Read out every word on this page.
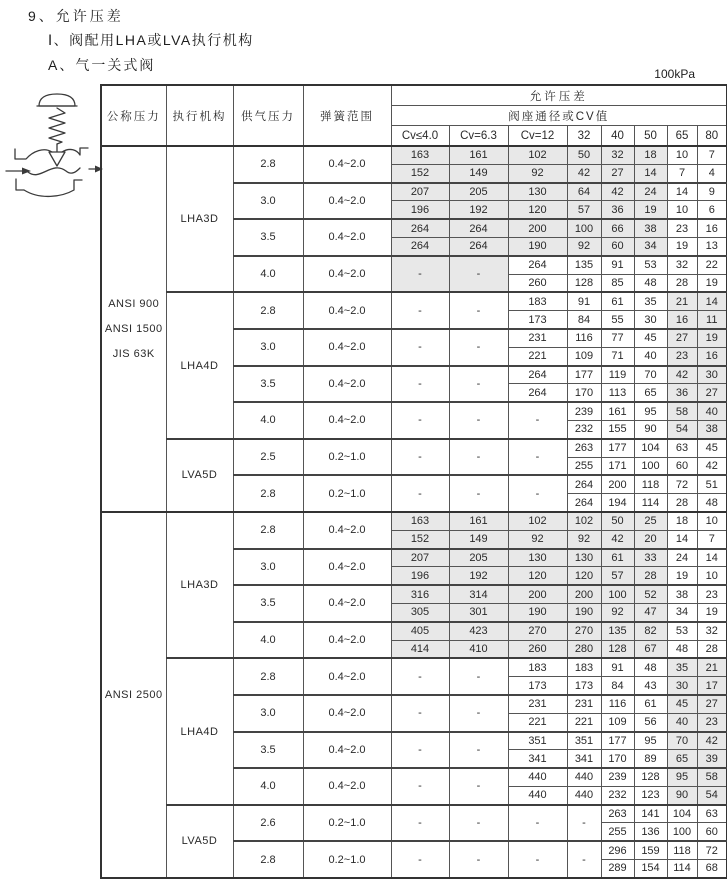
9、允许压差
Ⅰ、阀配用LHA或LVA执行机构
A、气一关式阀
100kPa
公称压力	执行机构	供气压力	弹簧范围	允许压差							
				阀座通径或CV值							
				Cv≤4.0	Cv=6.3	Cv=12	32	40	50	65	80

ANSI 900
ANSI 1500
JIS 63K	LHA3D	2.8	0.4~2.0	163	161	102	50	32	18	10	7
				152	149	92	42	27	14	7	4
		3.0	0.4~2.0	207	205	130	64	42	24	14	9
				196	192	120	57	36	19	10	6
		3.5	0.4~2.0	264	264	200	100	66	38	23	16
				264	264	190	92	60	34	19	13
		4.0	0.4~2.0	-	-	264	135	91	53	32	22
						260	128	85	48	28	19
	LHA4D	2.8	0.4~2.0	-	-	183	91	61	35	21	14
						173	84	55	30	16	11
		3.0	0.4~2.0	-	-	231	116	77	45	27	19
						221	109	71	40	23	16
		3.5	0.4~2.0	-	-	264	177	119	70	42	30
						264	170	113	65	36	27
		4.0	0.4~2.0	-	-	-	239	161	95	58	40
							232	155	90	54	38
	LVA5D	2.5	0.2~1.0	-	-	-	263	177	104	63	45
							255	171	100	60	42
		2.8	0.2~1.0	-	-	-	264	200	118	72	51
							264	194	114	28	48

ANSI 2500	LHA3D	2.8	0.4~2.0	163	161	102	102	50	25	18	10
				152	149	92	92	42	20	14	7
		3.0	0.4~2.0	207	205	130	130	61	33	24	14
				196	192	120	120	57	28	19	10
		3.5	0.4~2.0	316	314	200	200	100	52	38	23
				305	301	190	190	92	47	34	19
		4.0	0.4~2.0	405	423	270	270	135	82	53	32
				414	410	260	280	128	67	48	28
	LHA4D	2.8	0.4~2.0	-	-	183	183	91	48	35	21
						173	173	84	43	30	17
		3.0	0.4~2.0	-	-	231	231	116	61	45	27
						221	221	109	56	40	23
		3.5	0.4~2.0	-	-	351	351	177	95	70	42
						341	341	170	89	65	39
		4.0	0.4~2.0	-	-	440	440	239	128	95	58
						440	440	232	123	90	54
	LVA5D	2.6	0.2~1.0	-	-	-	-	263	141	104	63
								255	136	100	60
		2.8	0.2~1.0	-	-	-	-	296	159	118	72
								289	154	114	68
